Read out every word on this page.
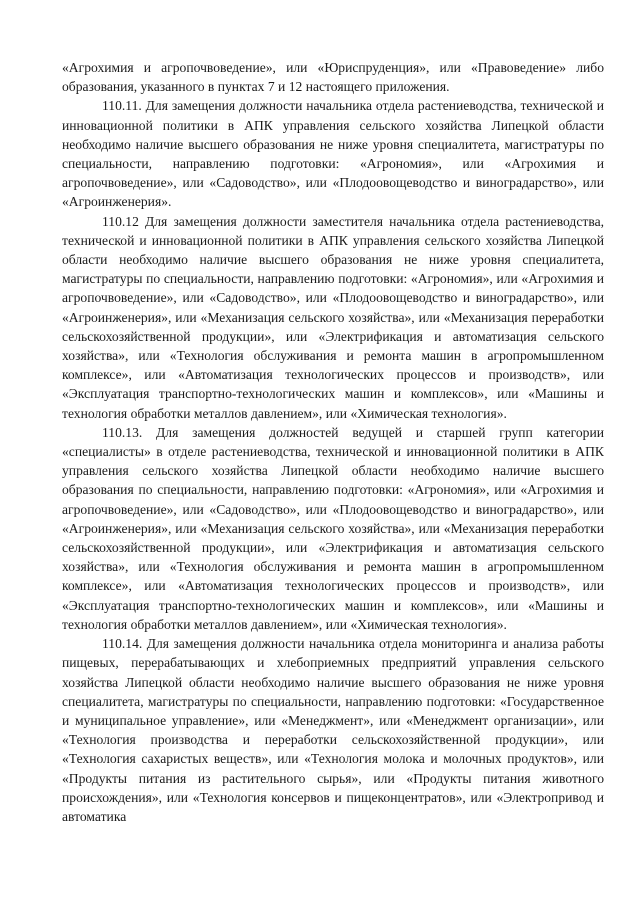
«Агрохимия и агропочвоведение», или «Юриспруденция», или «Правоведение» либо образования, указанного в пунктах 7 и 12 настоящего приложения.

110.11. Для замещения должности начальника отдела растениеводства, технической и инновационной политики в АПК управления сельского хозяйства Липецкой области необходимо наличие высшего образования не ниже уровня специалитета, магистратуры по специальности, направлению подготовки: «Агрономия», или «Агрохимия и агропочвоведение», или «Садоводство», или «Плодоовощеводство и виноградарство», или «Агроинженерия».

110.12 Для замещения должности заместителя начальника отдела растениеводства, технической и инновационной политики в АПК управления сельского хозяйства Липецкой области необходимо наличие высшего образования не ниже уровня специалитета, магистратуры по специальности, направлению подготовки: «Агрономия», или «Агрохимия и агропочвоведение», или «Садоводство», или «Плодоовощеводство и виноградарство», или «Агроинженерия», или «Механизация сельского хозяйства», или «Механизация переработки сельскохозяйственной продукции», или «Электрификация и автоматизация сельского хозяйства», или «Технология обслуживания и ремонта машин в агропромышленном комплексе», или «Автоматизация технологических процессов и производств», или «Эксплуатация транспортно-технологических машин и комплексов», или «Машины и технология обработки металлов давлением», или «Химическая технология».

110.13. Для замещения должностей ведущей и старшей групп категории «специалисты» в отделе растениеводства, технической и инновационной политики в АПК управления сельского хозяйства Липецкой области необходимо наличие высшего образования по специальности, направлению подготовки: «Агрономия», или «Агрохимия и агропочвоведение», или «Садоводство», или «Плодоовощеводство и виноградарство», или «Агроинженерия», или «Механизация сельского хозяйства», или «Механизация переработки сельскохозяйственной продукции», или «Электрификация и автоматизация сельского хозяйства», или «Технология обслуживания и ремонта машин в агропромышленном комплексе», или «Автоматизация технологических процессов и производств», или «Эксплуатация транспортно-технологических машин и комплексов», или «Машины и технология обработки металлов давлением», или «Химическая технология».

110.14. Для замещения должности начальника отдела мониторинга и анализа работы пищевых, перерабатывающих и хлебоприемных предприятий управления сельского хозяйства Липецкой области необходимо наличие высшего образования не ниже уровня специалитета, магистратуры по специальности, направлению подготовки: «Государственное и муниципальное управление», или «Менеджмент», или «Менеджмент организации», или «Технология производства и переработки сельскохозяйственной продукции», или «Технология сахаристых веществ», или «Технология молока и молочных продуктов», или «Продукты питания из растительного сырья», или «Продукты питания животного происхождения», или «Технология консервов и пищеконцентратов», или «Электропривод и автоматика
